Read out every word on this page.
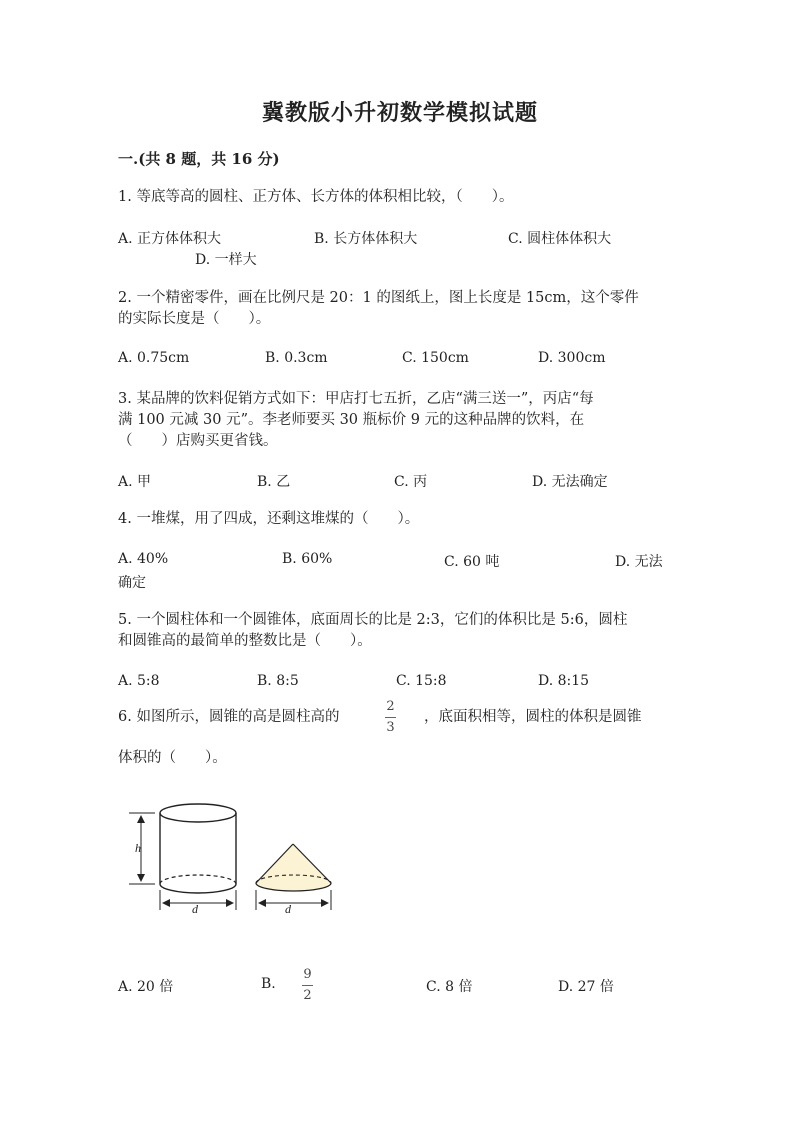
冀教版小升初数学模拟试题
一.(共 8 题，共 16 分)
1. 等底等高的圆柱、正方体、长方体的体积相比较，（　　）。
A. 正方体体积大	B. 长方体体积大	C. 圆柱体体积大
D. 一样大
2. 一个精密零件，画在比例尺是 20：1 的图纸上，图上长度是 15cm，这个零件
的实际长度是（　　）。
A. 0.75cm	B. 0.3cm	C. 150cm	D. 300cm
3. 某品牌的饮料促销方式如下：甲店打七五折，乙店“满三送一”，丙店“每
满 100 元减 30 元”。李老师要买 30 瓶标价 9 元的这种品牌的饮料，在
（　　）店购买更省钱。
A. 甲	B. 乙	C. 丙	D. 无法确定
4. 一堆煤，用了四成，还剩这堆煤的（　　）。
A. 40%	B. 60%	C. 60 吨	D. 无法
确定
5. 一个圆柱体和一个圆锥体，底面周长的比是 2:3，它们的体积比是 5:6，圆柱
和圆锥高的最简单的整数比是（　　）。
A. 5:8	B. 8:5	C. 15:8	D. 8:15
6. 如图所示，圆锥的高是圆柱高的
2
3
，底面积相等，圆柱的体积是圆锥
体积的（　　）。
h
d	d
A. 20 倍	B.
9
2
C. 8 倍	D. 27 倍
